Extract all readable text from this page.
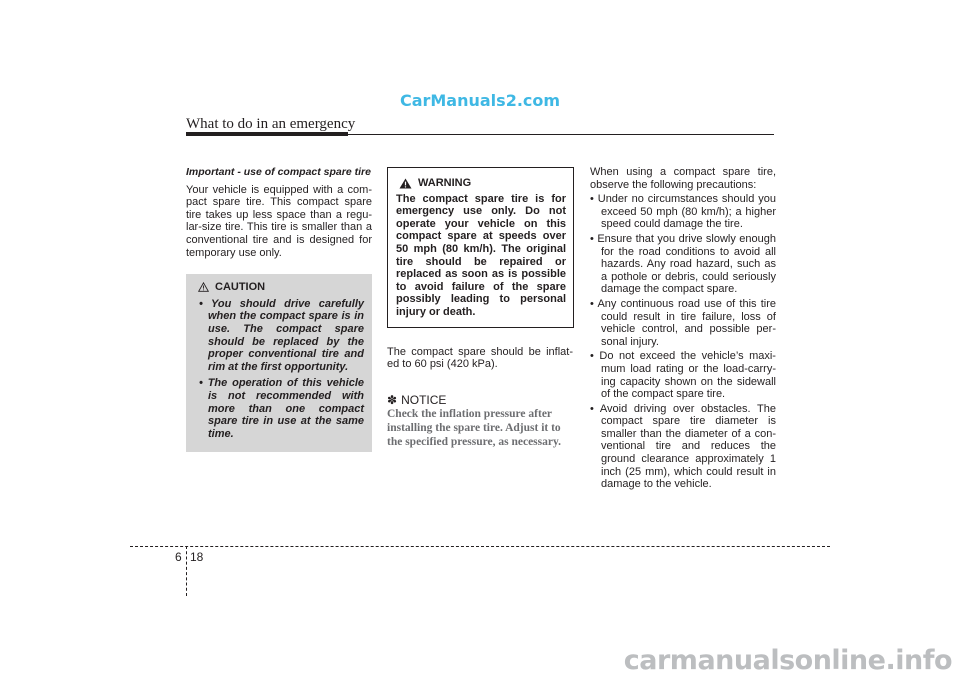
CarManuals2.com
What to do in an emergency
Important - use of compact spare tire

Your vehicle is equipped with a com- pact spare tire. This compact spare tire takes up less space than a regu- lar-size tire. This tire is smaller than a conventional tire and is designed for temporary use only.

CAUTION
• You should drive carefully when the compact spare is in use. The compact spare should be replaced by the proper conventional tire and rim at the first opportunity.
• The operation of this vehicle is not recommended with more than one compact spare tire in use at the same time.
WARNING
The compact spare tire is for emergency use only. Do not operate your vehicle on this compact spare at speeds over 50 mph (80 km/h). The original tire should be repaired or replaced as soon as is possible to avoid failure of the spare possibly leading to personal injury or death.

The compact spare should be inflat- ed to 60 psi (420 kPa).

✽ NOTICE
Check the inflation pressure after installing the spare tire. Adjust it to the specified pressure, as necessary.

When using a compact spare tire, observe the following precautions:

• Under no circumstances should you exceed 50 mph (80 km/h); a higher speed could damage the tire.
• Ensure that you drive slowly enough for the road conditions to avoid all hazards. Any road hazard, such as a pothole or debris, could seriously damage the compact spare.
• Any continuous road use of this tire could result in tire failure, loss of vehicle control, and possible per- sonal injury.
• Do not exceed the vehicle’s maxi- mum load rating or the load-carry- ing capacity shown on the sidewall of the compact spare tire.
• Avoid driving over obstacles. The compact spare tire diameter is smaller than the diameter of a con- ventional tire and reduces the ground clearance approximately 1 inch (25 mm), which could result in damage to the vehicle.
6 18
carmanualsonline.info
